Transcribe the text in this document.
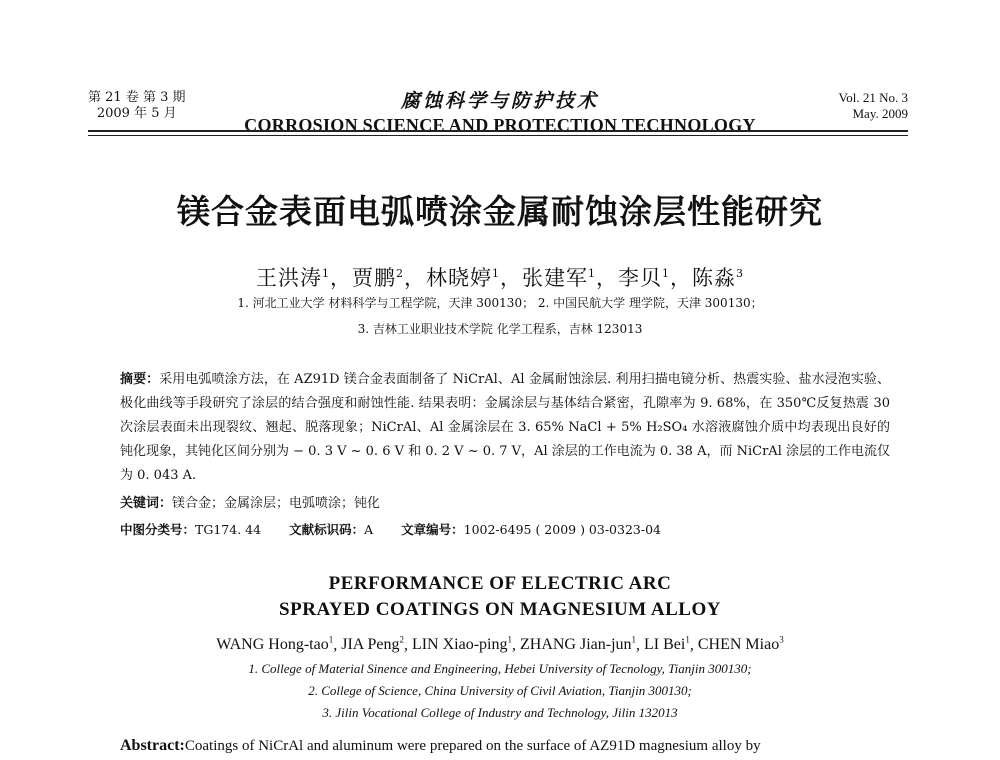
第 21 卷 第 3 期
2009 年 5 月
腐蚀科学与防护技术
CORROSION SCIENCE AND PROTECTION TECHNOLOGY
Vol. 21 No. 3
May. 2009
镁合金表面电弧喷涂金属耐蚀涂层性能研究
王洪涛$^1$，贾鹏$^2$，林晓婷$^1$，张建军$^1$，李贝$^1$，陈淼$^3$
1. 河北工业大学 材料科学与工程学院，天津 300130； 2. 中国民航大学 理学院，天津 300130；
3. 吉林工业职业技术学院 化学工程系，吉林 123013
摘要：采用电弧喷涂方法，在 AZ91D 镁合金表面制备了 NiCrAl、Al 金属耐蚀涂层. 利用扫描电镜分析、热震实验、盐水浸泡实验、极化曲线等手段研究了涂层的结合强度和耐蚀性能. 结果表明：金属涂层与基体结合紧密，孔隙率为 9. 68%，在 350℃反复热震 30 次涂层表面未出现裂纹、翘起、脱落现象；NiCrAl、Al 金属涂层在 3. 65% NaCl + 5% H₂SO₄ 水溶液腐蚀介质中均表现出良好的钝化现象，其钝化区间分别为 − 0. 3 V ~ 0. 6 V 和 0. 2 V ~ 0. 7 V，Al 涂层的工作电流为 0. 38 A，而 NiCrAl 涂层的工作电流仅为 0. 043 A.
关键词：镁合金；金属涂层；电弧喷涂；钝化
中图分类号：TG174. 44 文献标识码：A 文章编号：1002-6495 ( 2009 ) 03-0323-04
PERFORMANCE OF ELECTRIC ARC
SPRAYED COATINGS ON MAGNESIUM ALLOY
WANG Hong-tao$^1$, JIA Peng$^2$, LIN Xiao-ping$^1$, ZHANG Jian-jun$^1$, LI Bei$^1$, CHEN Miao$^3$
1. College of Material Sinence and Engineering, Hebei University of Tecnology, Tianjin 300130;
2. College of Science, China University of Civil Aviation, Tianjin 300130;
3. Jilin Vocational College of Industry and Technology, Jilin 132013
Abstract:Coatings of NiCrAl and aluminum were prepared on the surface of AZ91D magnesium alloy by
